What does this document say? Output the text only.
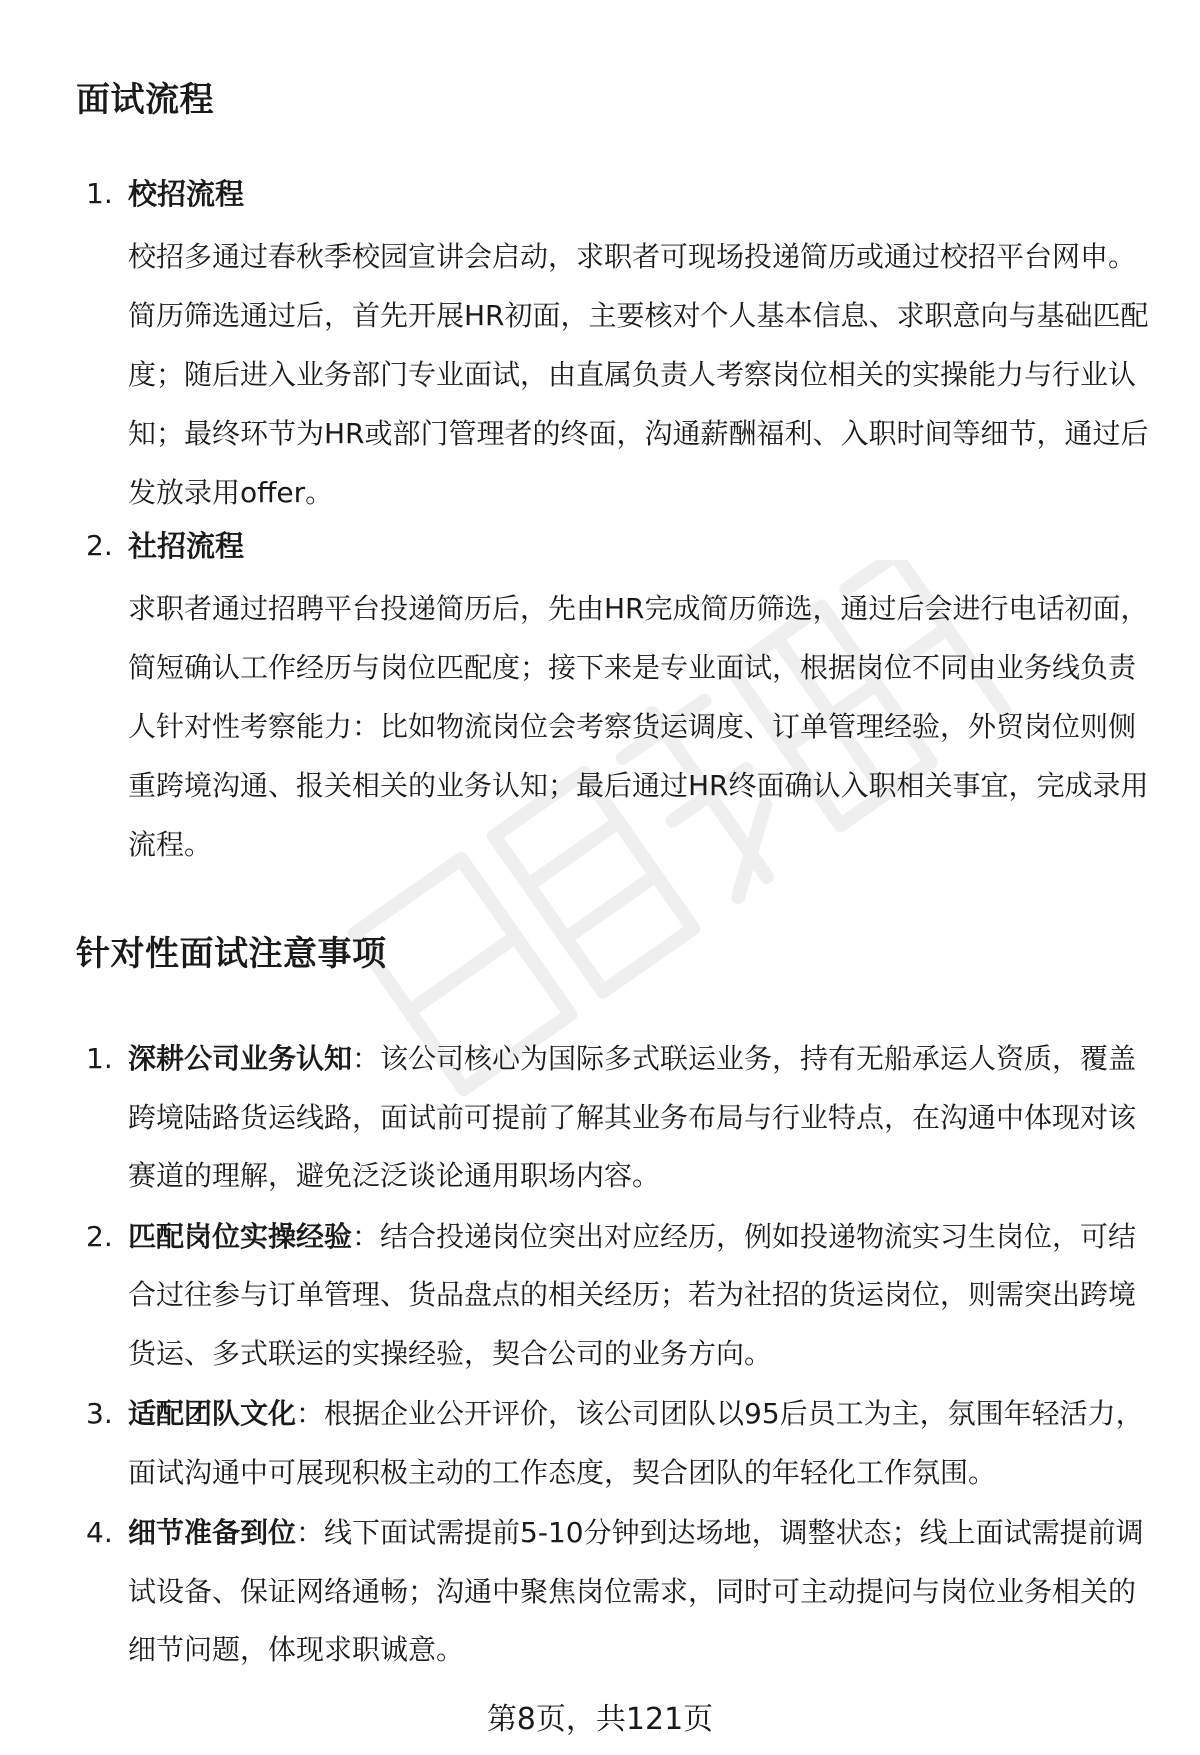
面试流程
1. 校招流程
校招多通过春秋季校园宣讲会启动，求职者可现场投递简历或通过校招平台网申。简历筛选通过后，首先开展HR初面，主要核对个人基本信息、求职意向与基础匹配度；随后进入业务部门专业面试，由直属负责人考察岗位相关的实操能力与行业认知；最终环节为HR或部门管理者的终面，沟通薪酬福利、入职时间等细节，通过后发放录用offer。
2. 社招流程
求职者通过招聘平台投递简历后，先由HR完成简历筛选，通过后会进行电话初面，简短确认工作经历与岗位匹配度；接下来是专业面试，根据岗位不同由业务线负责人针对性考察能力：比如物流岗位会考察货运调度、订单管理经验，外贸岗位则侧重跨境沟通、报关相关的业务认知；最后通过HR终面确认入职相关事宜，完成录用流程。
针对性面试注意事项
1. 深耕公司业务认知：该公司核心为国际多式联运业务，持有无船承运人资质，覆盖跨境陆路货运线路，面试前可提前了解其业务布局与行业特点，在沟通中体现对该赛道的理解，避免泛泛谈论通用职场内容。
2. 匹配岗位实操经验：结合投递岗位突出对应经历，例如投递物流实习生岗位，可结合过往参与订单管理、货品盘点的相关经历；若为社招的货运岗位，则需突出跨境货运、多式联运的实操经验，契合公司的业务方向。
3. 适配团队文化：根据企业公开评价，该公司团队以95后员工为主，氛围年轻活力，面试沟通中可展现积极主动的工作态度，契合团队的年轻化工作氛围。
4. 细节准备到位：线下面试需提前5-10分钟到达场地，调整状态；线上面试需提前调试设备、保证网络通畅；沟通中聚焦岗位需求，同时可主动提问与岗位业务相关的细节问题，体现求职诚意。
第8页，共121页
